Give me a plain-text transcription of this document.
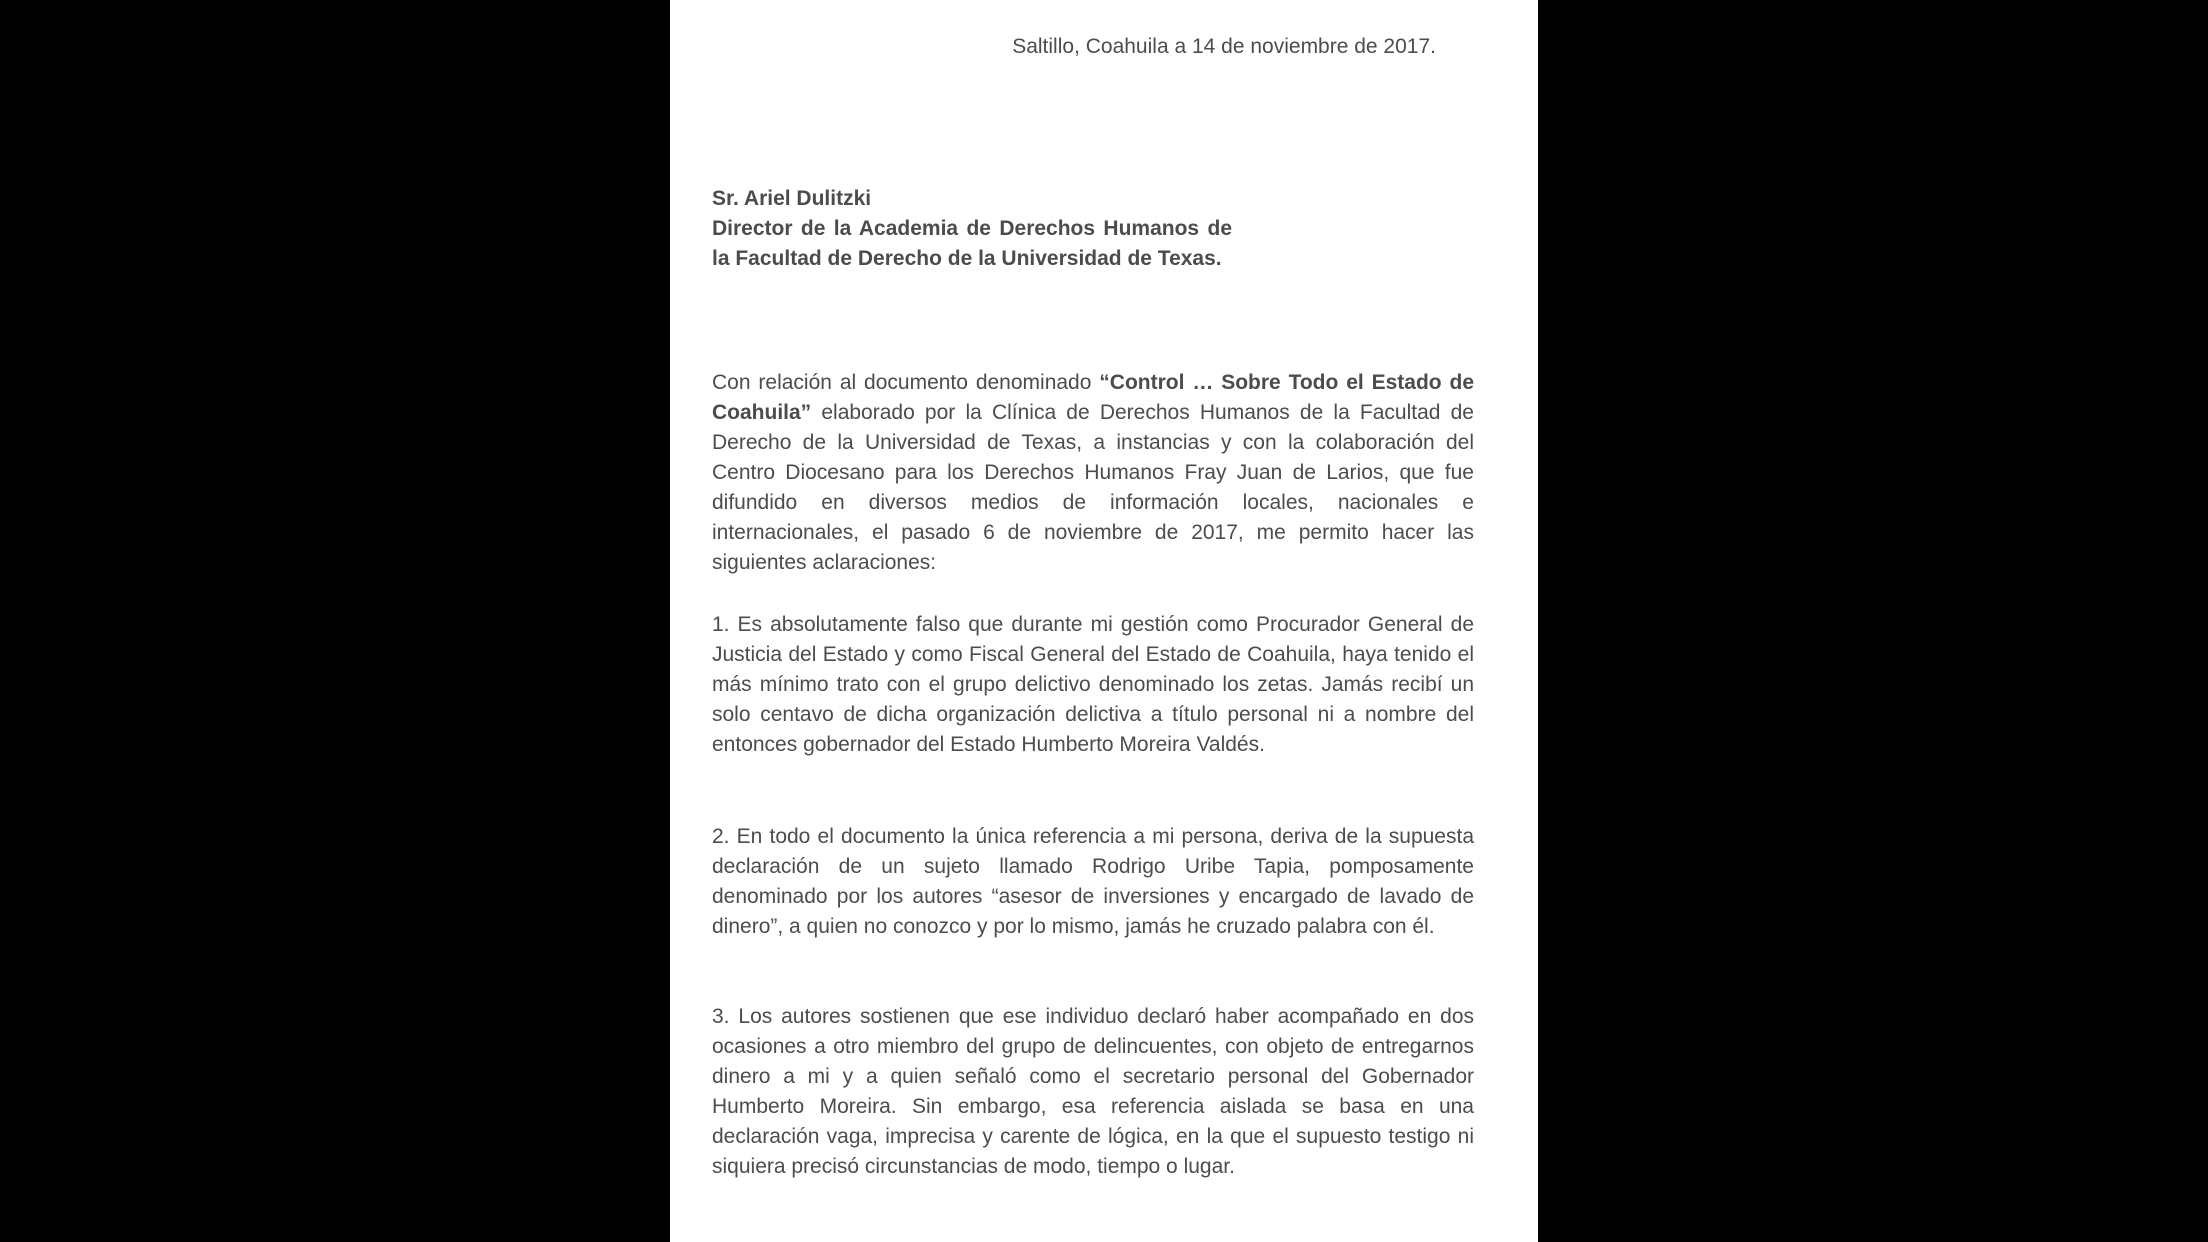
Saltillo, Coahuila a 14 de noviembre de 2017.
Sr. Ariel Dulitzki
Director de la Academia de Derechos Humanos de la Facultad de Derecho de la Universidad de Texas.
Con relación al documento denominado “Control … Sobre Todo el Estado de Coahuila” elaborado por la Clínica de Derechos Humanos de la Facultad de Derecho de la Universidad de Texas, a instancias y con la colaboración del Centro Diocesano para los Derechos Humanos Fray Juan de Larios, que fue difundido en diversos medios de información locales, nacionales e internacionales, el pasado 6 de noviembre de 2017, me permito hacer las siguientes aclaraciones:
1. Es absolutamente falso que durante mi gestión como Procurador General de Justicia del Estado y como Fiscal General del Estado de Coahuila, haya tenido el más mínimo trato con el grupo delictivo denominado los zetas. Jamás recibí un solo centavo de dicha organización delictiva a título personal ni a nombre del entonces gobernador del Estado Humberto Moreira Valdés.
2. En todo el documento la única referencia a mi persona, deriva de la supuesta declaración de un sujeto llamado Rodrigo Uribe Tapia, pomposamente denominado por los autores “asesor de inversiones y encargado de lavado de dinero”, a quien no conozco y por lo mismo, jamás he cruzado palabra con él.
3. Los autores sostienen que ese individuo declaró haber acompañado en dos ocasiones a otro miembro del grupo de delincuentes, con objeto de entregarnos dinero a mi y a quien señaló como el secretario personal del Gobernador Humberto Moreira. Sin embargo, esa referencia aislada se basa en una declaración vaga, imprecisa y carente de lógica, en la que el supuesto testigo ni siquiera precisó circunstancias de modo, tiempo o lugar.
